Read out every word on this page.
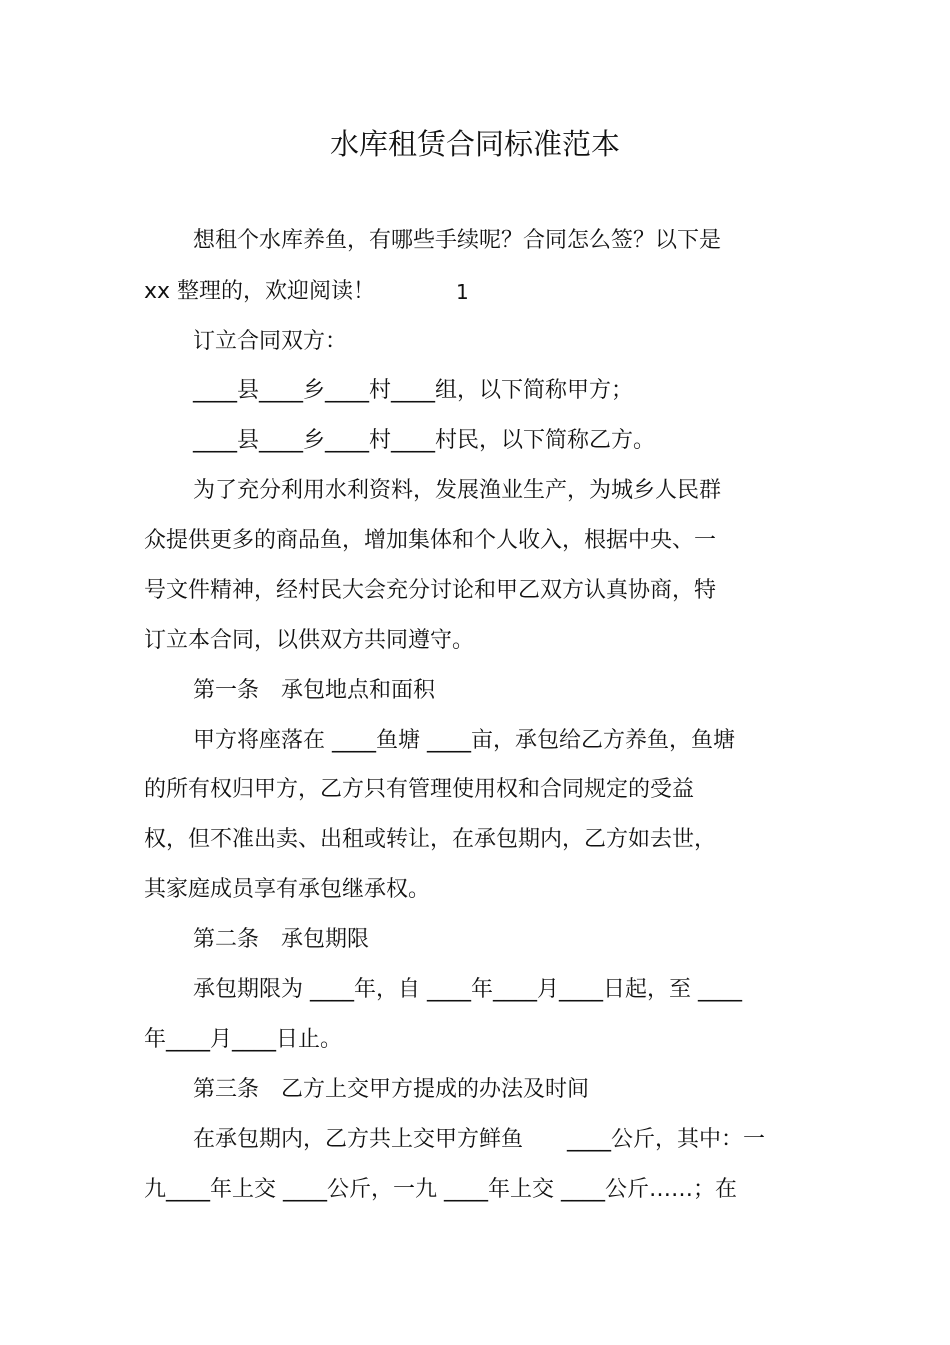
水库租赁合同标准范本
想租个水库养鱼，有哪些手续呢？合同怎么签？以下是
xx 整理的，欢迎阅读！	1
订立合同双方：
____县____乡____村____组，以下简称甲方；
____县____乡____村____村民，以下简称乙方。
为了充分利用水利资料，发展渔业生产，为城乡人民群
众提供更多的商品鱼，增加集体和个人收入，根据中央、一
号文件精神，经村民大会充分讨论和甲乙双方认真协商，特
订立本合同，以供双方共同遵守。
第一条　承包地点和面积
甲方将座落在 ____鱼塘 ____亩，承包给乙方养鱼，鱼塘
的所有权归甲方，乙方只有管理使用权和合同规定的受益
权，但不准出卖、出租或转让，在承包期内，乙方如去世，
其家庭成员享有承包继承权。
第二条　承包期限
承包期限为 ____年，自 ____年____月____日起，至 ____
年____月____日止。
第三条　乙方上交甲方提成的办法及时间
在承包期内，乙方共上交甲方鲜鱼　　____公斤，其中：一
九____年上交 ____公斤，一九 ____年上交 ____公斤……；在
